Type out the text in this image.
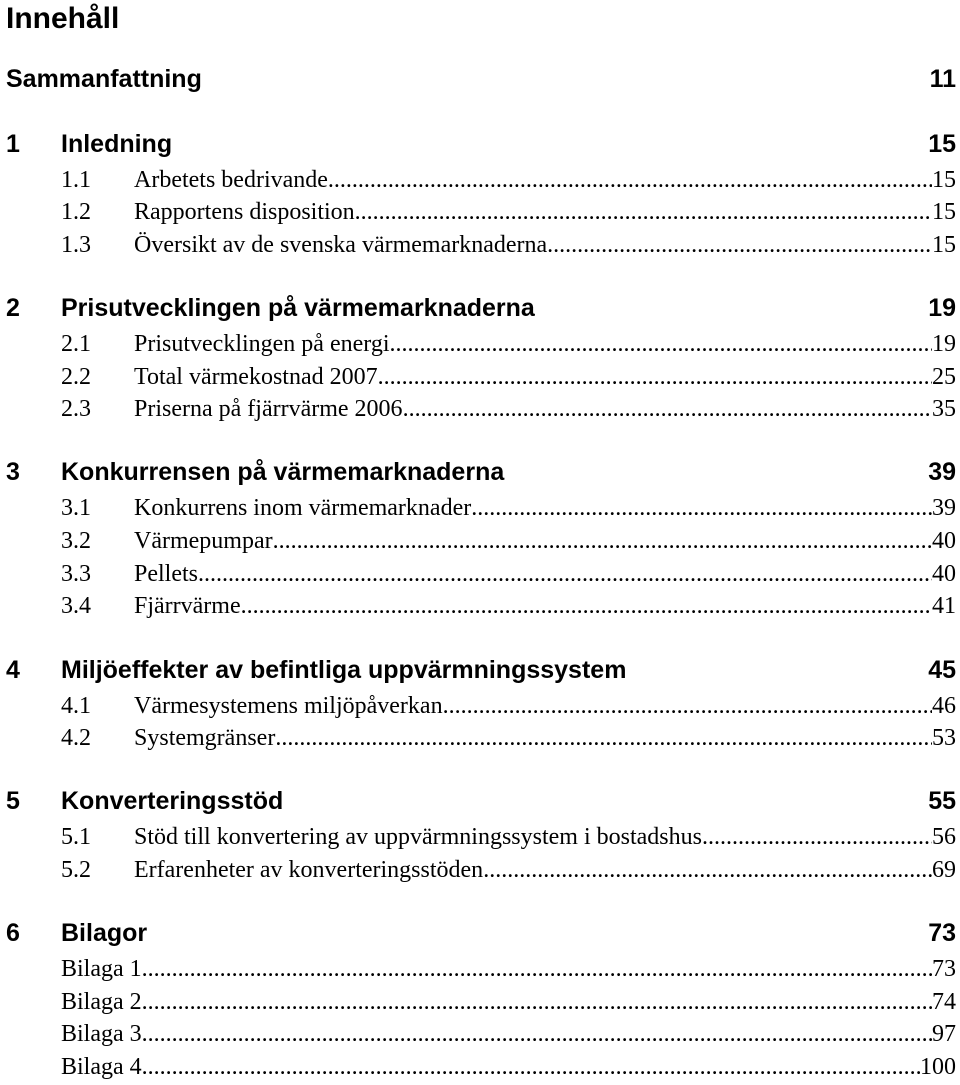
Innehåll
Sammanfattning	11
1 Inledning	15
1.1 Arbetets bedrivande .....	15
1.2 Rapportens disposition. .....	15
1.3 Översikt av de svenska värmemarknaderna .....	15
2 Prisutvecklingen på värmemarknaderna	19
2.1 Prisutvecklingen på energi .....	19
2.2 Total värmekostnad 2007 .....	25
2.3 Priserna på fjärrvärme 2006 .....	35
3 Konkurrensen på värmemarknaderna	39
3.1 Konkurrens inom värmemarknader .....	39
3.2 Värmepumpar .....	40
3.3 Pellets .....	40
3.4 Fjärrvärme .....	41
4 Miljöeffekter av befintliga uppvärmningssystem	45
4.1 Värmesystemens miljöpåverkan .....	46
4.2 Systemgränser .....	53
5 Konverteringsstöd	55
5.1 Stöd till konvertering av uppvärmningssystem i bostadshus .....	56
5.2 Erfarenheter av konverteringsstöden .....	69
6 Bilagor	73
Bilaga 1 .....	73
Bilaga 2 .....	74
Bilaga 3 .....	97
Bilaga 4 .....	100
